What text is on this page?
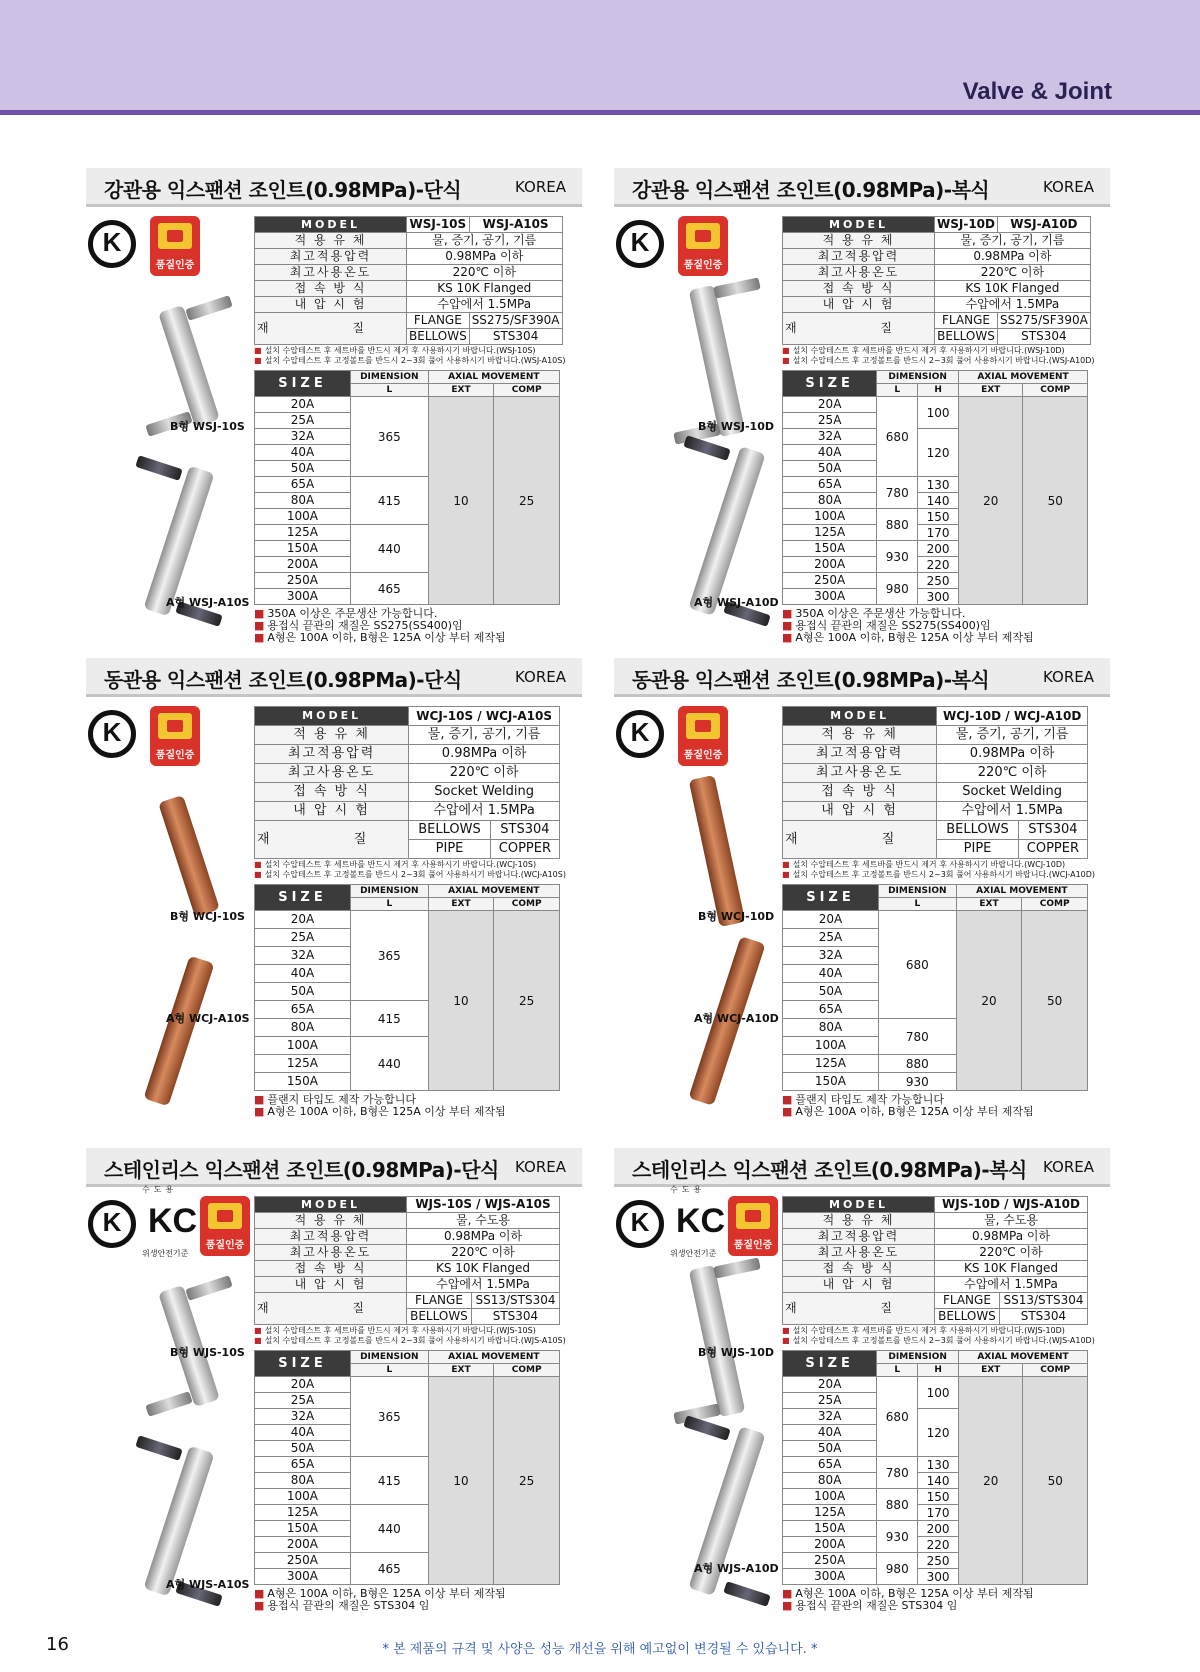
Valve & Joint
강관용 익스팬션 조인트(0.98MPa)-단식	KOREA
K
품질인증
B형 WSJ-10S
A형 WSJ-A10S
MODEL	WSJ-10S	WSJ-A10S
적 용 유 체	물, 증기, 공기, 기름	
최고적용압력	0.98MPa 이하	
최고사용온도	220℃ 이하	
접 속 방 식	KS 10K Flanged	
내 압 시 험	수압에서 1.5MPa	
재 질	FLANGE	SS275/SF390A
	BELLOWS	STS304
■ 설치 수압테스트 후 세트바를 반드시 제거 후 사용하시기 바랍니다.(WSJ-10S)
■ 설치 수압테스트 후 고정볼트를 반드시 2~3회 풀어 사용하시기 바랍니다.(WSJ-A10S)
SIZE	DIMENSION	AXIAL MOVEMENT	
	L	EXT	COMP
20A	365	10	25
25A			
32A			
40A			
50A			
65A	415		
80A			
100A			
125A	440		
150A			
200A			
250A	465		
300A			
■ 350A 이상은 주문생산 가능합니다.
■ 용접식 끝관의 재질은 SS275(SS400)임
■ A형은 100A 이하, B형은 125A 이상 부터 제작됨
강관용 익스팬션 조인트(0.98MPa)-복식	KOREA
K
품질인증
B형 WSJ-10D
A형 WSJ-A10D
MODEL	WSJ-10D	WSJ-A10D
적 용 유 체	물, 증기, 공기, 기름	
최고적용압력	0.98MPa 이하	
최고사용온도	220℃ 이하	
접 속 방 식	KS 10K Flanged	
내 압 시 험	수압에서 1.5MPa	
재 질	FLANGE	SS275/SF390A
	BELLOWS	STS304
■ 설치 수압테스트 후 세트바를 반드시 제거 후 사용하시기 바랍니다.(WSJ-10D)
■ 설치 수압테스트 후 고정볼트를 반드시 2~3회 풀어 사용하시기 바랍니다.(WSJ-A10D)
SIZE	DIMENSION		AXIAL MOVEMENT	
	L	H	EXT	COMP
20A	680	100	20	50
25A				
32A		120		
40A				
50A				
65A	780	130		
80A		140		
100A	880	150		
125A		170		
150A	930	200		
200A		220		
250A	980	250		
300A		300		
■ 350A 이상은 주문생산 가능합니다.
■ 용접식 끝관의 재질은 SS275(SS400)임
■ A형은 100A 이하, B형은 125A 이상 부터 제작됨
동관용 익스팬션 조인트(0.98PMa)-단식	KOREA
K
품질인증
B형 WCJ-10S
A형 WCJ-A10S
MODEL	WCJ-10S / WCJ-A10S	
적 용 유 체	물, 증기, 공기, 기름	
최고적용압력	0.98MPa 이하	
최고사용온도	220℃ 이하	
접 속 방 식	Socket Welding	
내 압 시 험	수압에서 1.5MPa	
재 질	BELLOWS	STS304
	PIPE	COPPER
■ 설치 수압테스트 후 세트바를 반드시 제거 후 사용하시기 바랍니다.(WCJ-10S)
■ 설치 수압테스트 후 고정볼트를 반드시 2~3회 풀어 사용하시기 바랍니다.(WCJ-A10S)
SIZE	DIMENSION	AXIAL MOVEMENT	
	L	EXT	COMP
20A	365	10	25
25A			
32A			
40A			
50A			
65A	415		
80A			
100A	440		
125A			
150A			
■ 플랜지 타입도 제작 가능합니다
■ A형은 100A 이하, B형은 125A 이상 부터 제작됨
동관용 익스팬션 조인트(0.98MPa)-복식	KOREA
K
품질인증
B형 WCJ-10D
A형 WCJ-A10D
MODEL	WCJ-10D / WCJ-A10D	
적 용 유 체	물, 증기, 공기, 기름	
최고적용압력	0.98MPa 이하	
최고사용온도	220℃ 이하	
접 속 방 식	Socket Welding	
내 압 시 험	수압에서 1.5MPa	
재 질	BELLOWS	STS304
	PIPE	COPPER
■ 설치 수압테스트 후 세트바를 반드시 제거 후 사용하시기 바랍니다.(WCJ-10D)
■ 설치 수압테스트 후 고정볼트를 반드시 2~3회 풀어 사용하시기 바랍니다.(WCJ-A10D)
SIZE	DIMENSION	AXIAL MOVEMENT	
	L	EXT	COMP
20A	680	20	50
25A			
32A			
40A			
50A			
65A			
80A	780		
100A			
125A	880		
150A	930		
■ 플랜지 타입도 제작 가능합니다
■ A형은 100A 이하, B형은 125A 이상 부터 제작됨
스테인리스 익스팬션 조인트(0.98MPa)-단식 KOREA
K
수도용
KC
위생안전기준
품질인증
B형 WJS-10S
A형 WJS-A10S
MODEL	WJS-10S / WJS-A10S	
적 용 유 체	물, 수도용	
최고적용압력	0.98MPa 이하	
최고사용온도	220℃ 이하	
접 속 방 식	KS 10K Flanged	
내 압 시 험	수압에서 1.5MPa	
재 질	FLANGE	SS13/STS304
	BELLOWS	STS304
■ 설치 수압테스트 후 세트바를 반드시 제거 후 사용하시기 바랍니다.(WJS-10S)
■ 설치 수압테스트 후 고정볼트를 반드시 2~3회 풀어 사용하시기 바랍니다.(WJS-A10S)
SIZE	DIMENSION	AXIAL MOVEMENT	
	L	EXT	COMP
20A	365	10	25
25A			
32A			
40A			
50A			
65A	415		
80A			
100A			
125A	440		
150A			
200A			
250A	465		
300A			
■ A형은 100A 이하, B형은 125A 이상 부터 제작됨
■ 용접식 끝관의 재질은 STS304 임
스테인리스 익스팬션 조인트(0.98MPa)-복식 KOREA
K
수도용
KC
위생안전기준
품질인증
B형 WJS-10D
A형 WJS-A10D
MODEL	WJS-10D / WJS-A10D	
적 용 유 체	물, 수도용	
최고적용압력	0.98MPa 이하	
최고사용온도	220℃ 이하	
접 속 방 식	KS 10K Flanged	
내 압 시 험	수압에서 1.5MPa	
재 질	FLANGE	SS13/STS304
	BELLOWS	STS304
■ 설치 수압테스트 후 세트바를 반드시 제거 후 사용하시기 바랍니다.(WJS-10D)
■ 설치 수압테스트 후 고정볼트를 반드시 2~3회 풀어 사용하시기 바랍니다.(WJS-A10D)
SIZE	DIMENSION		AXIAL MOVEMENT	
	L	H	EXT	COMP
20A	680	100	20	50
25A				
32A		120		
40A				
50A				
65A	780	130		
80A		140		
100A	880	150		
125A		170		
150A	930	200		
200A		220		
250A	980	250		
300A		300		
■ A형은 100A 이하, B형은 125A 이상 부터 제작됨
■ 용접식 끝관의 재질은 STS304 임
16	* 본 제품의 규격 및 사양은 성능 개선을 위해 예고없이 변경될 수 있습니다. *
